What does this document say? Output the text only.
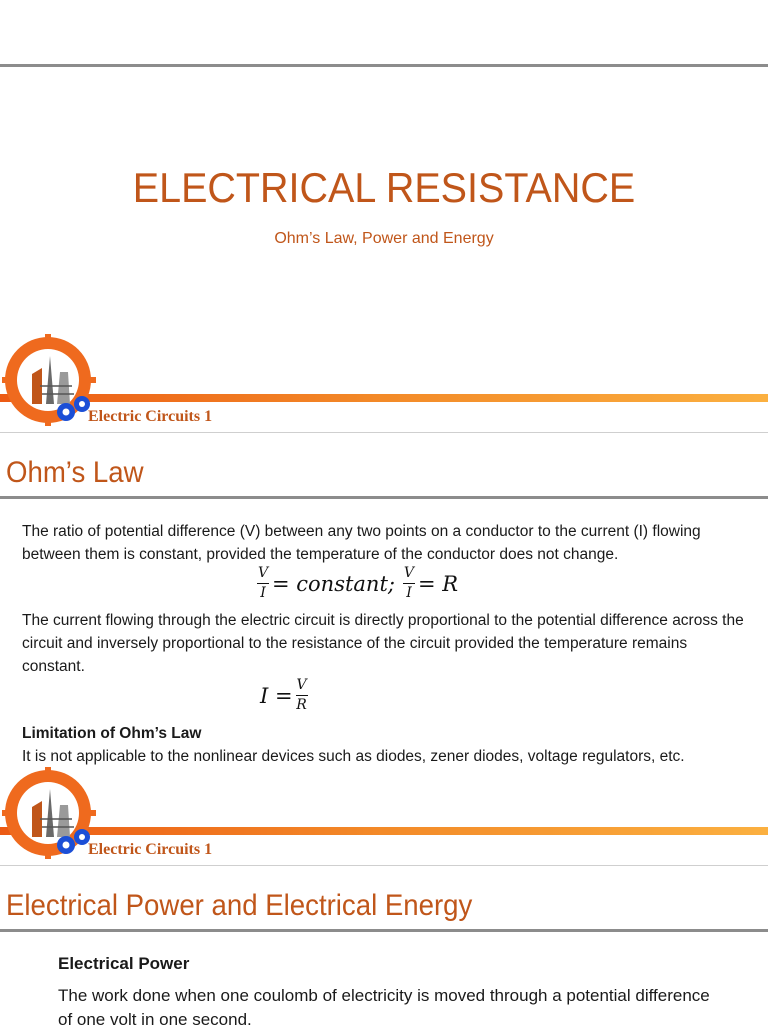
ELECTRICAL RESISTANCE
Ohm’s Law, Power and Energy
Electric Circuits 1
Ohm’s Law
The ratio of potential difference (V) between any two points on a conductor to the current (I) flowing between them is constant, provided the temperature of the conductor does not change.
$\frac{V}{I}$ = constant; $\frac{V}{I} = R$
The current flowing through the electric circuit is directly proportional to the potential difference across the circuit and inversely proportional to the resistance of the circuit provided the temperature remains constant.
$I = \frac{V}{R}$
Limitation of Ohm’s Law
It is not applicable to the nonlinear devices such as diodes, zener diodes, voltage regulators, etc.
Electric Circuits 1
Electrical Power and Electrical Energy
Electrical Power
The work done when one coulomb of electricity is moved through a potential difference of one volt in one second.
